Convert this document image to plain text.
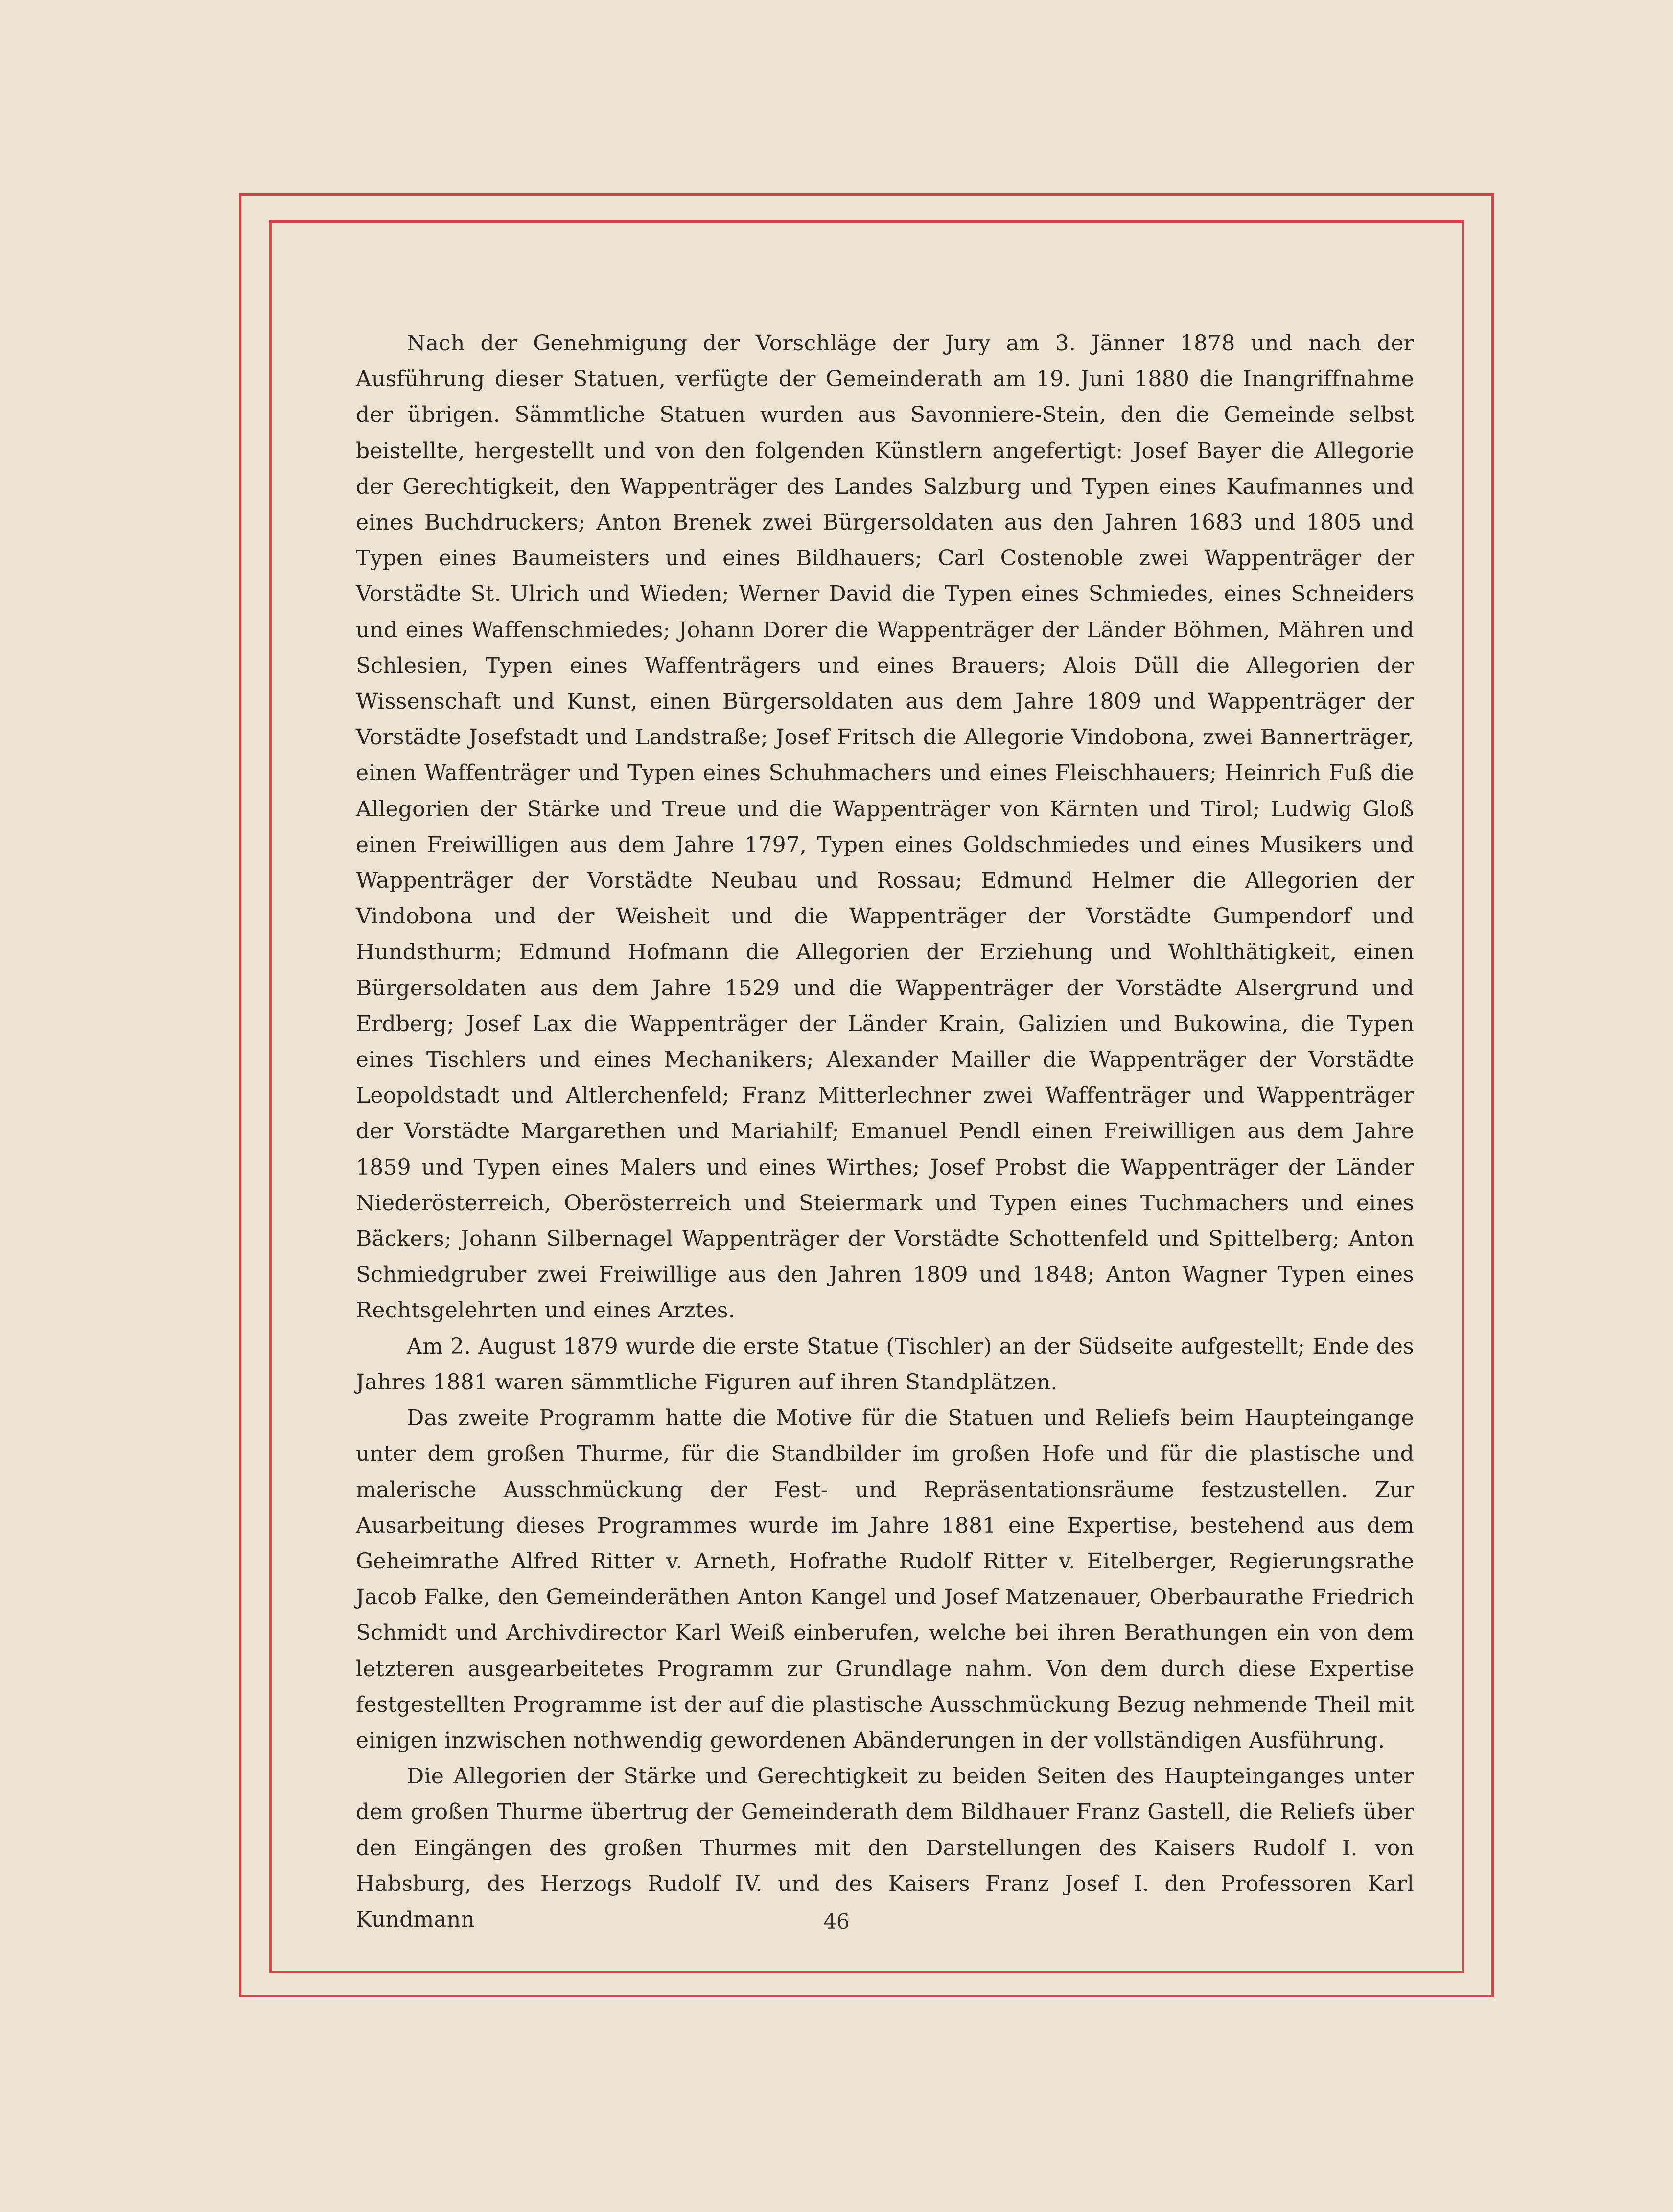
Nach der Genehmigung der Vorschläge der Jury am 3. Jänner 1878 und nach der Ausführung dieser Statuen, verfügte der Gemeinderath am 19. Juni 1880 die Inangriffnahme der übrigen. Sämmtliche Statuen wurden aus Savonniere-Stein, den die Gemeinde selbst beistellte, hergestellt und von den folgenden Künstlern angefertigt: Josef Bayer die Allegorie der Gerechtigkeit, den Wappenträger des Landes Salzburg und Typen eines Kaufmannes und eines Buchdruckers; Anton Brenek zwei Bürgersoldaten aus den Jahren 1683 und 1805 und Typen eines Baumeisters und eines Bildhauers; Carl Costenoble zwei Wappenträger der Vorstädte St. Ulrich und Wieden; Werner David die Typen eines Schmiedes, eines Schneiders und eines Waffenschmiedes; Johann Dorer die Wappenträger der Länder Böhmen, Mähren und Schlesien, Typen eines Waffenträgers und eines Brauers; Alois Düll die Allegorien der Wissenschaft und Kunst, einen Bürgersoldaten aus dem Jahre 1809 und Wappenträger der Vorstädte Josefstadt und Landstraße; Josef Fritsch die Allegorie Vindobona, zwei Bannerträger, einen Waffenträger und Typen eines Schuhmachers und eines Fleischhauers; Heinrich Fuß die Allegorien der Stärke und Treue und die Wappenträger von Kärnten und Tirol; Ludwig Gloß einen Freiwilligen aus dem Jahre 1797, Typen eines Goldschmiedes und eines Musikers und Wappenträger der Vorstädte Neubau und Rossau; Edmund Helmer die Allegorien der Vindobona und der Weisheit und die Wappenträger der Vorstädte Gumpendorf und Hundsthurm; Edmund Hofmann die Allegorien der Erziehung und Wohlthätigkeit, einen Bürgersoldaten aus dem Jahre 1529 und die Wappenträger der Vorstädte Alsergrund und Erdberg; Josef Lax die Wappenträger der Länder Krain, Galizien und Bukowina, die Typen eines Tischlers und eines Mechanikers; Alexander Mailler die Wappenträger der Vorstädte Leopoldstadt und Altlerchenfeld; Franz Mitterlechner zwei Waffenträger und Wappenträger der Vorstädte Margarethen und Mariahilf; Emanuel Pendl einen Freiwilligen aus dem Jahre 1859 und Typen eines Malers und eines Wirthes; Josef Probst die Wappenträger der Länder Niederösterreich, Oberösterreich und Steiermark und Typen eines Tuchmachers und eines Bäckers; Johann Silbernagel Wappenträger der Vorstädte Schottenfeld und Spittelberg; Anton Schmiedgruber zwei Freiwillige aus den Jahren 1809 und 1848; Anton Wagner Typen eines Rechtsgelehrten und eines Arztes.

Am 2. August 1879 wurde die erste Statue (Tischler) an der Südseite aufgestellt; Ende des Jahres 1881 waren sämmtliche Figuren auf ihren Standplätzen.

Das zweite Programm hatte die Motive für die Statuen und Reliefs beim Haupteingange unter dem großen Thurme, für die Standbilder im großen Hofe und für die plastische und malerische Ausschmückung der Fest- und Repräsentationsräume festzustellen. Zur Ausarbeitung dieses Programmes wurde im Jahre 1881 eine Expertise, bestehend aus dem Geheimrathe Alfred Ritter v. Arneth, Hofrathe Rudolf Ritter v. Eitelberger, Regierungsrathe Jacob Falke, den Gemeinderäthen Anton Kangel und Josef Matzenauer, Oberbaurathe Friedrich Schmidt und Archivdirector Karl Weiß einberufen, welche bei ihren Berathungen ein von dem letzteren ausgearbeitetes Programm zur Grundlage nahm. Von dem durch diese Expertise festgestellten Programme ist der auf die plastische Ausschmückung Bezug nehmende Theil mit einigen inzwischen nothwendig gewordenen Abänderungen in der vollständigen Ausführung.

Die Allegorien der Stärke und Gerechtigkeit zu beiden Seiten des Haupteinganges unter dem großen Thurme übertrug der Gemeinderath dem Bildhauer Franz Gastell, die Reliefs über den Eingängen des großen Thurmes mit den Darstellungen des Kaisers Rudolf I. von Habsburg, des Herzogs Rudolf IV. und des Kaisers Franz Josef I. den Professoren Karl Kundmann	46
